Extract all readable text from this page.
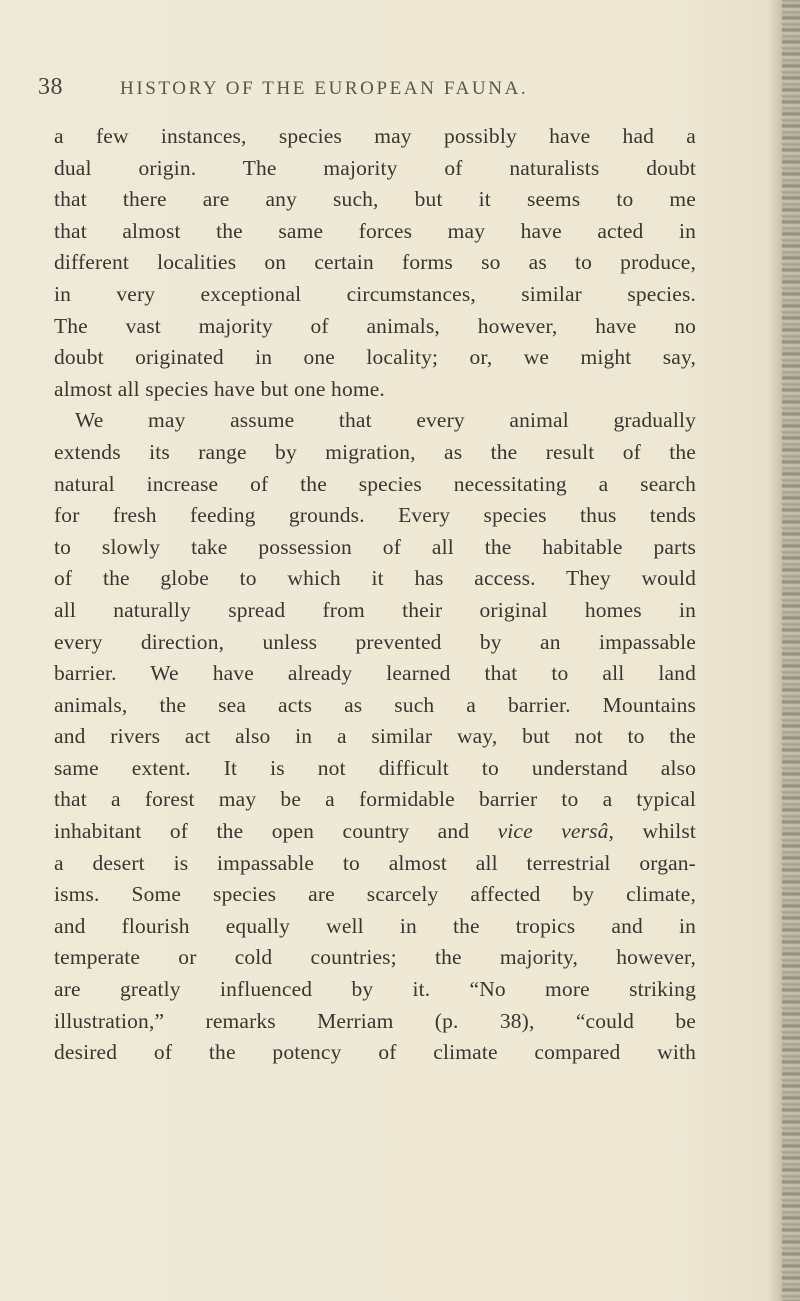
38	HISTORY OF THE EUROPEAN FAUNA.
a few instances, species may possibly have had a
dual origin. The majority of naturalists doubt
that there are any such, but it seems to me
that almost the same forces may have acted in
different localities on certain forms so as to produce,
in very exceptional circumstances, similar species.
The vast majority of animals, however, have no
doubt originated in one locality; or, we might say,
almost all species have but one home.
We may assume that every animal gradually
extends its range by migration, as the result of the
natural increase of the species necessitating a search
for fresh feeding grounds. Every species thus tends
to slowly take possession of all the habitable parts
of the globe to which it has access. They would
all naturally spread from their original homes in
every direction, unless prevented by an impassable
barrier. We have already learned that to all land
animals, the sea acts as such a barrier. Mountains
and rivers act also in a similar way, but not to the
same extent. It is not difficult to understand also
that a forest may be a formidable barrier to a typical
inhabitant of the open country and vice versâ, whilst
a desert is impassable to almost all terrestrial organ-
isms. Some species are scarcely affected by climate,
and flourish equally well in the tropics and in
temperate or cold countries; the majority, however,
are greatly influenced by it. “No more striking
illustration,” remarks Merriam (p. 38), “could be
desired of the potency of climate compared with
